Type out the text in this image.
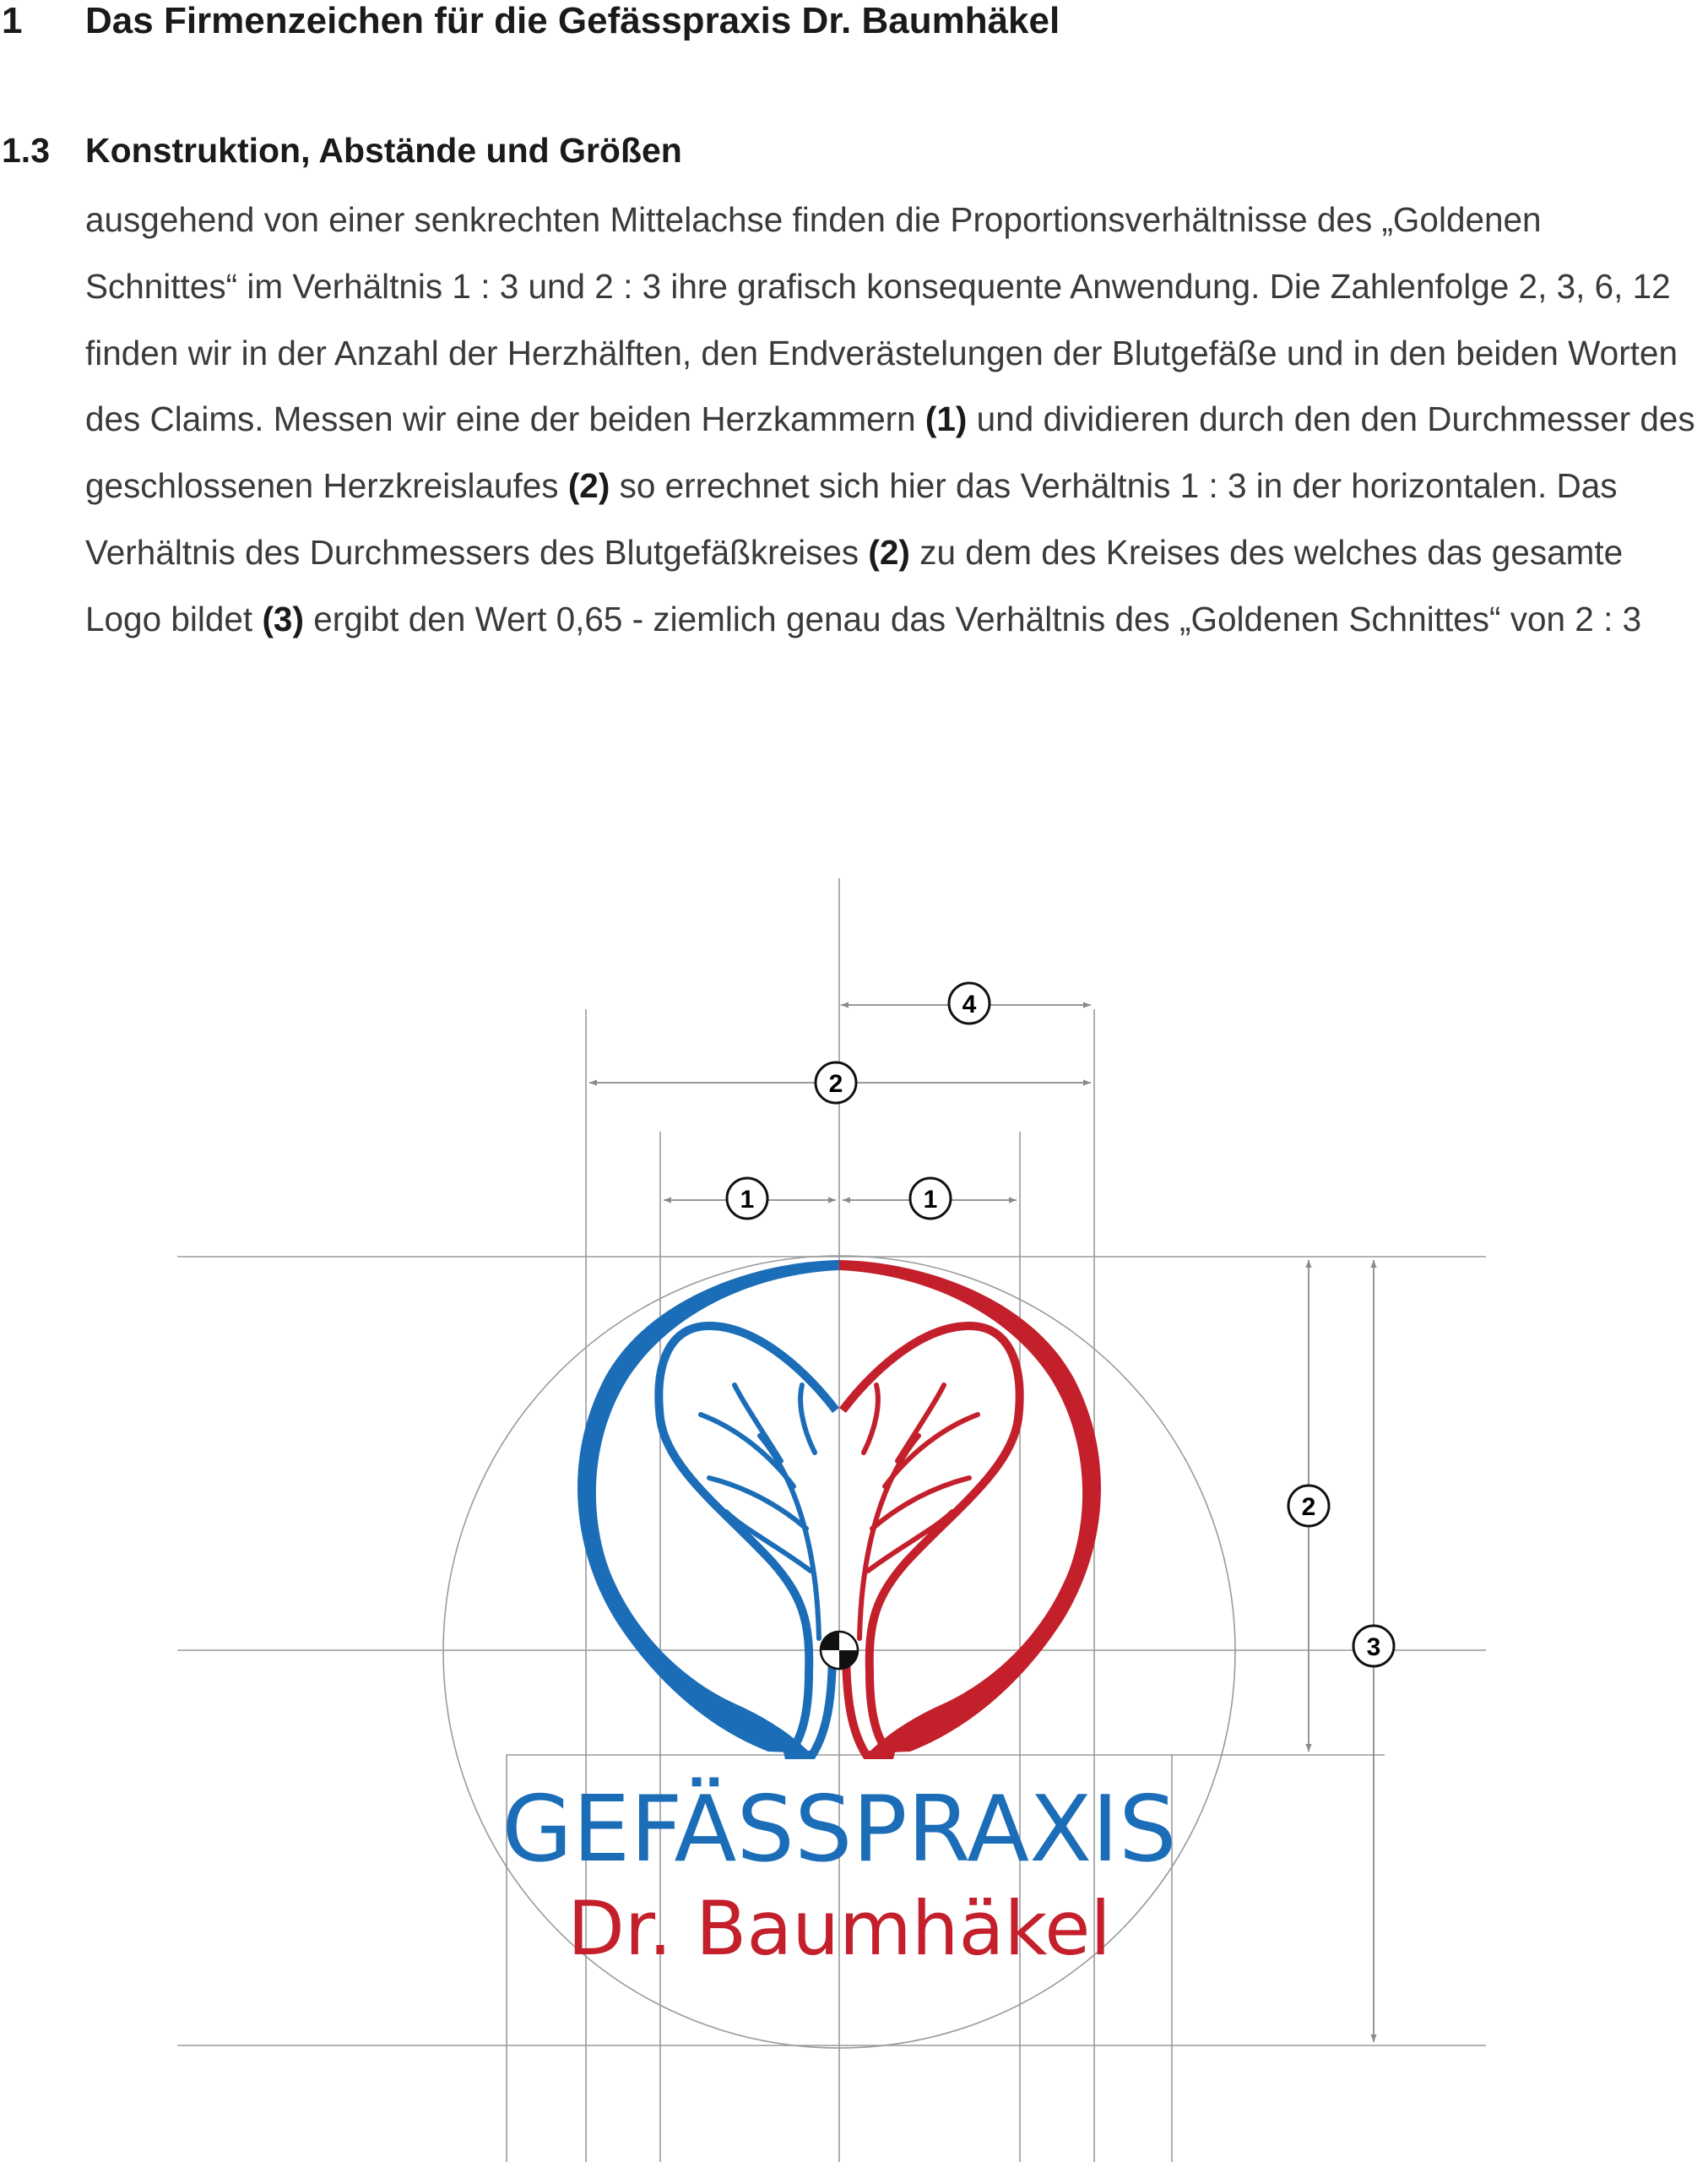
1 Das Firmenzeichen für die Gefässpraxis Dr. Baumhäkel
1.3 Konstruktion, Abstände und Größen

ausgehend von einer senkrechten Mittelachse finden die Proportionsverhältnisse des „Goldenen Schnittes“ im Verhältnis 1 : 3 und 2 : 3 ihre grafisch konsequente Anwendung. Die Zahlenfolge 2, 3, 6, 12 finden wir in der Anzahl der Herzhälften, den Endverästelungen der Blutgefäße und in den beiden Worten des Claims. Messen wir eine der beiden Herzkammern (1) und dividieren durch den den Durchmesser des geschlossenen Herzkreislaufes (2) so errechnet sich hier das Verhältnis 1 : 3 in der horizontalen. Das Verhältnis des Durchmessers des Blutgefäßkreises (2) zu dem des Kreises des welches das gesamte Logo bildet (3) ergibt den Wert 0,65 - ziemlich genau das Verhältnis des „Goldenen Schnittes“ von 2 : 3

GEFÄSSPRAXIS
Dr. Baumhäkel
4
2
1	1
2
3
